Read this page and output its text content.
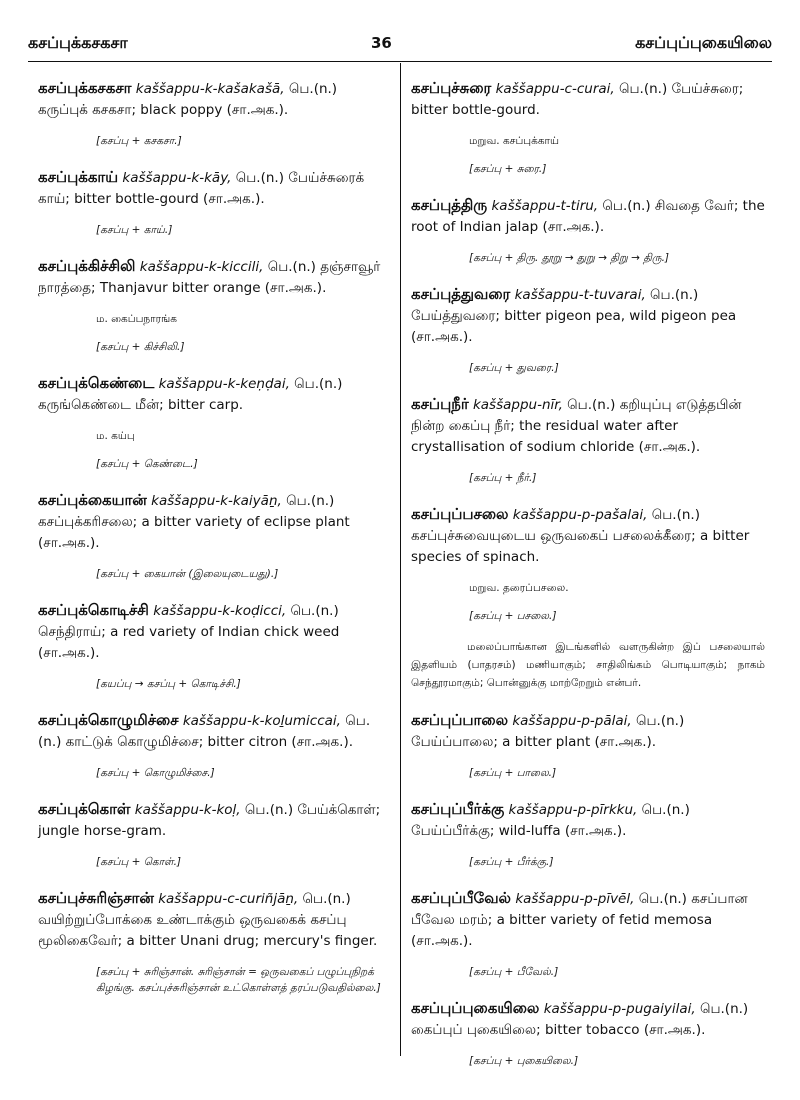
கசப்புக்கசகசா	36	கசப்புப்புகையிலை

கசப்புக்கசகசா kaššappu-k-kašakašā, பெ.(n.) கருப்புக் கசகசா; black poppy (சா.அக.).

[கசப்பு + கசகசா.]

கசப்புக்காய் kaššappu-k-kāy, பெ.(n.) பேய்ச்சுரைக் காய்; bitter bottle-gourd (சா.அக.).

[கசப்பு + காய்.]

கசப்புக்கிச்சிலி kaššappu-k-kiccili, பெ.(n.) தஞ்சாவூர் நாரத்தை; Thanjavur bitter orange (சா.அக.).

ம. கைப்பநாரங்க
[கசப்பு + கிச்சிலி.]

கசப்புக்கெண்டை kaššappu-k-keṇḍai, பெ.(n.) கருங்கெண்டை மீன்; bitter carp.

ம. கய்பு
[கசப்பு + கெண்டை.]

கசப்புக்கையான் kaššappu-k-kaiyāṉ, பெ.(n.) கசப்புக்கரிசலை; a bitter variety of eclipse plant (சா.அக.).

[கசப்பு + கையான் (இலையுடையது).]

கசப்புக்கொடிச்சி kaššappu-k-koḍicci, பெ.(n.) செந்திராய்; a red variety of Indian chick weed (சா.அக.).

[கயப்பு → கசப்பு + கொடிச்சி.]

கசப்புக்கொழுமிச்சை kaššappu-k-koḻumiccai, பெ.(n.) காட்டுக் கொழுமிச்சை; bitter citron (சா.அக.).

[கசப்பு + கொழுமிச்சை.]

கசப்புக்கொள் kaššappu-k-koḷ, பெ.(n.) பேய்க்கொள்; jungle horse-gram.

[கசப்பு + கொள்.]

கசப்புச்சுரிஞ்சான் kaššappu-c-curiñjāṉ, பெ.(n.) வயிற்றுப்போக்கை உண்டாக்கும் ஒருவகைக் கசப்பு மூலிகைவேர்; a bitter Unani drug; mercury's finger.

[கசப்பு + சுரிஞ்சான். சுரிஞ்சான் = ஒருவகைப் பழுப்புநிறக் கிழங்கு. கசப்புச்சுரிஞ்சான் உட்கொள்ளத் தரப்படுவதில்லை.]

கசப்புச்சுரை kaššappu-c-curai, பெ.(n.) பேய்ச்சுரை; bitter bottle-gourd.

மறுவ. கசப்புக்காய்
[கசப்பு + சுரை.]

கசப்புத்திரு kaššappu-t-tiru, பெ.(n.) சிவதை வேர்; the root of Indian jalap (சா.அக.).

[கசப்பு + திரு. தூறு → துறு → திறு → திரு.]

கசப்புத்துவரை kaššappu-t-tuvarai, பெ.(n.) பேய்த்துவரை; bitter pigeon pea, wild pigeon pea (சா.அக.).

[கசப்பு + துவரை.]

கசப்புநீர் kaššappu-nīr, பெ.(n.) கறியுப்பு எடுத்தபின் நின்ற கைப்பு நீர்; the residual water after crystallisation of sodium chloride (சா.அக.).

[கசப்பு + நீர்.]

கசப்புப்பசலை kaššappu-p-pašalai, பெ.(n.) கசப்புச்சுவையுடைய ஒருவகைப் பசலைக்கீரை; a bitter species of spinach.

மறுவ. தரைப்பசலை.
[கசப்பு + பசலை.]

மலைப்பாங்கான இடங்களில் வளருகின்ற இப் பசலையால் இதளியம் (பாதரசம்) மணியாகும்; சாதிலிங்கம் பொடியாகும்; நாகம் செந்தூரமாகும்; பொன்னுக்கு மாற்றேறும் என்பர்.

கசப்புப்பாலை kaššappu-p-pālai, பெ.(n.) பேய்ப்பாலை; a bitter plant (சா.அக.).

[கசப்பு + பாலை.]

கசப்புப்பீர்க்கு kaššappu-p-pīrkku, பெ.(n.) பேய்ப்பீர்க்கு; wild-luffa (சா.அக.).

[கசப்பு + பீர்க்கு.]

கசப்புப்பீவேல் kaššappu-p-pīvēl, பெ.(n.) கசப்பான பீவேல மரம்; a bitter variety of fetid memosa (சா.அக.).

[கசப்பு + பீவேல்.]

கசப்புப்புகையிலை kaššappu-p-pugaiyilai, பெ.(n.) கைப்புப் புகையிலை; bitter tobacco (சா.அக.).

[கசப்பு + புகையிலை.]
